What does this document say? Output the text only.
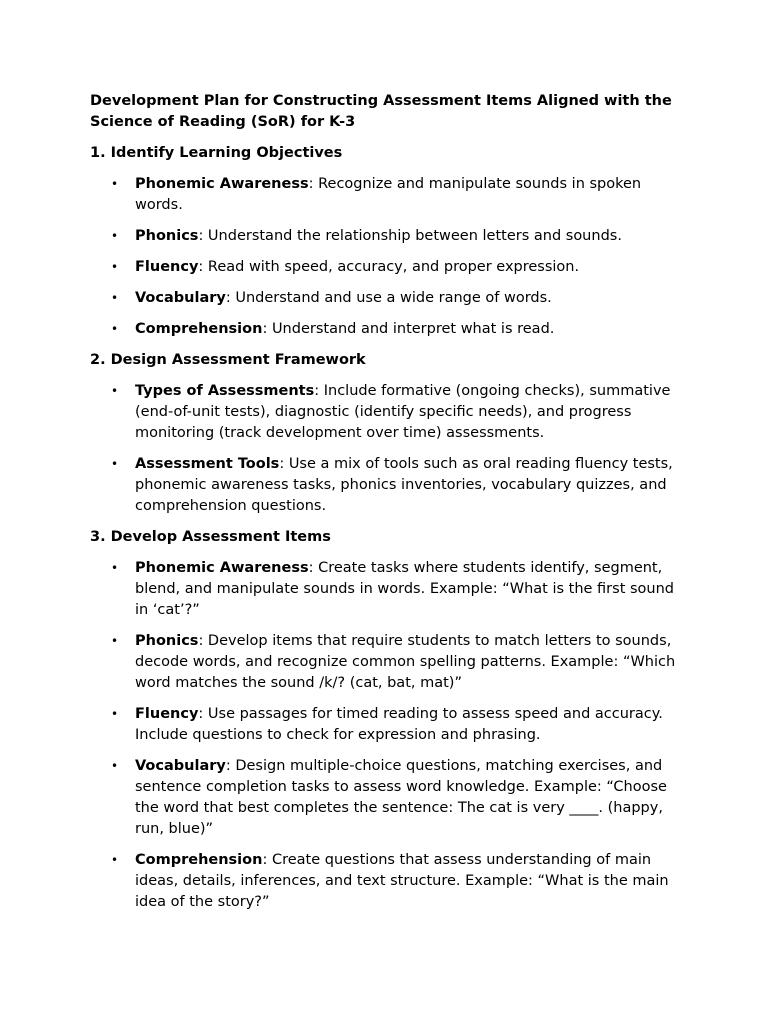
Development Plan for Constructing Assessment Items Aligned with the Science of Reading (SoR) for K-3
1. Identify Learning Objectives
• Phonemic Awareness: Recognize and manipulate sounds in spoken words.
• Phonics: Understand the relationship between letters and sounds.
• Fluency: Read with speed, accuracy, and proper expression.
• Vocabulary: Understand and use a wide range of words.
• Comprehension: Understand and interpret what is read.
2. Design Assessment Framework
• Types of Assessments: Include formative (ongoing checks), summative (end-of-unit tests), diagnostic (identify specific needs), and progress monitoring (track development over time) assessments.
• Assessment Tools: Use a mix of tools such as oral reading fluency tests, phonemic awareness tasks, phonics inventories, vocabulary quizzes, and comprehension questions.
3. Develop Assessment Items
• Phonemic Awareness: Create tasks where students identify, segment, blend, and manipulate sounds in words. Example: “What is the first sound in ‘cat’?”
• Phonics: Develop items that require students to match letters to sounds, decode words, and recognize common spelling patterns. Example: “Which word matches the sound /k/? (cat, bat, mat)”
• Fluency: Use passages for timed reading to assess speed and accuracy. Include questions to check for expression and phrasing.
• Vocabulary: Design multiple-choice questions, matching exercises, and sentence completion tasks to assess word knowledge. Example: “Choose the word that best completes the sentence: The cat is very ____. (happy, run, blue)”
• Comprehension: Create questions that assess understanding of main ideas, details, inferences, and text structure. Example: “What is the main idea of the story?”
